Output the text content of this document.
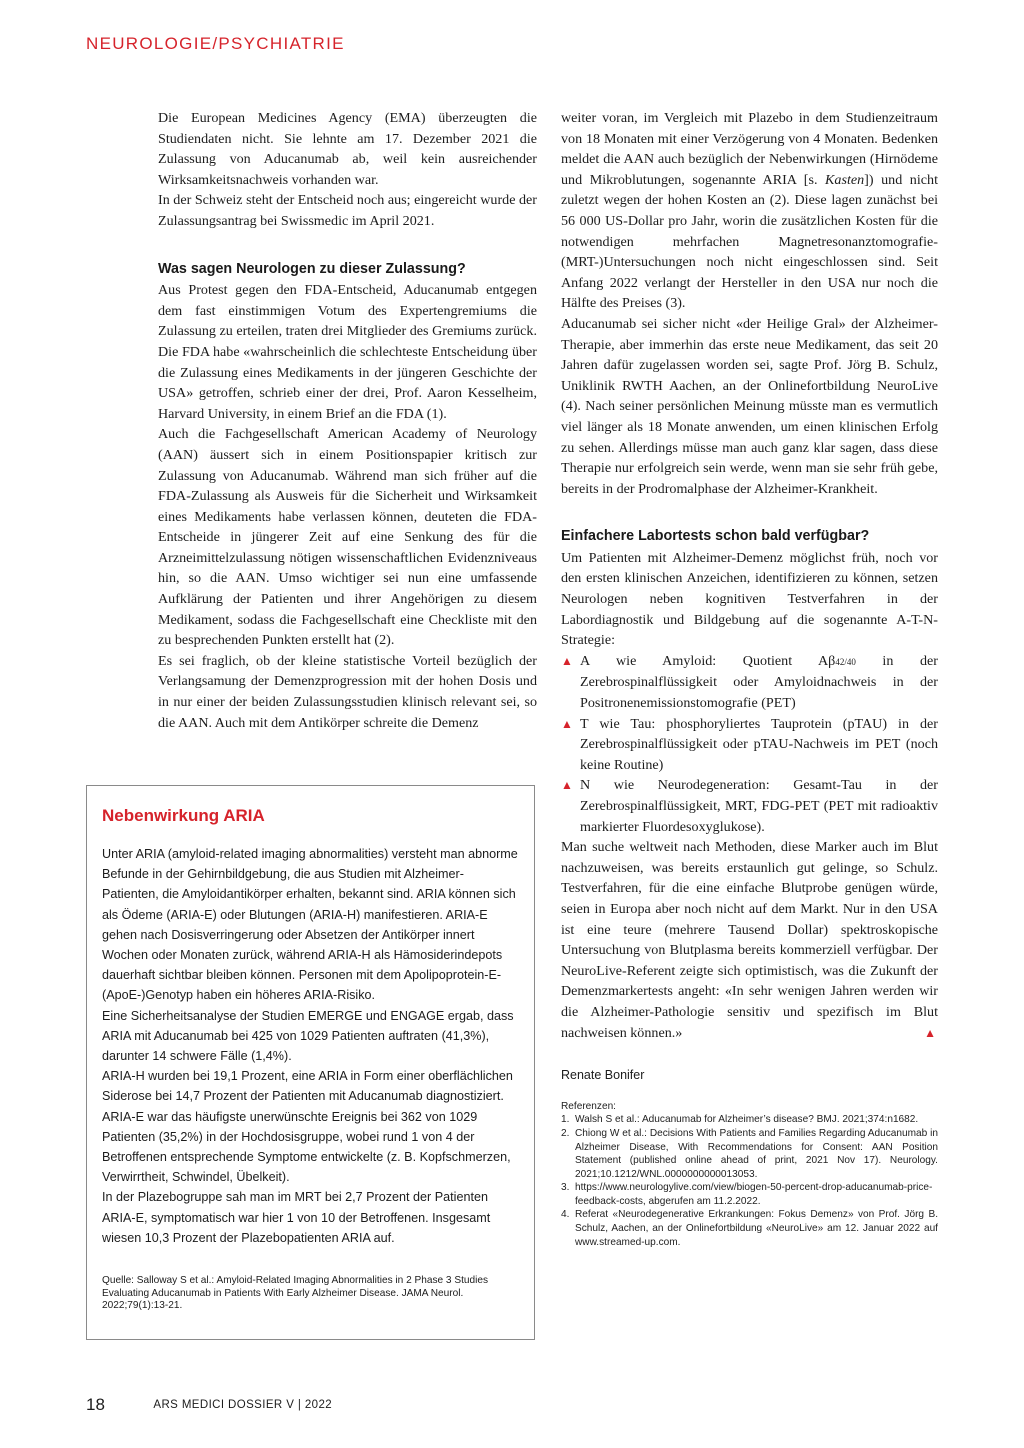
NEUROLOGIE/PSYCHIATRIE

Die European Medicines Agency (EMA) überzeugten die Studiendaten nicht. Sie lehnte am 17. Dezember 2021 die Zulassung von Aducanumab ab, weil kein ausreichender Wirksamkeitsnachweis vorhanden war.

In der Schweiz steht der Entscheid noch aus; eingereicht wurde der Zulassungsantrag bei Swissmedic im April 2021.

Was sagen Neurologen zu dieser Zulassung?

Aus Protest gegen den FDA-Entscheid, Aducanumab entgegen dem fast einstimmigen Votum des Expertengremiums die Zulassung zu erteilen, traten drei Mitglieder des Gremiums zurück. Die FDA habe «wahrscheinlich die schlechteste Entscheidung über die Zulassung eines Medikaments in der jüngeren Geschichte der USA» getroffen, schrieb einer der drei, Prof. Aaron Kesselheim, Harvard University, in einem Brief an die FDA (1).

Auch die Fachgesellschaft American Academy of Neurology (AAN) äussert sich in einem Positionspapier kritisch zur Zulassung von Aducanumab. Während man sich früher auf die FDA-Zulassung als Ausweis für die Sicherheit und Wirksamkeit eines Medikaments habe verlassen können, deuteten die FDA-Entscheide in jüngerer Zeit auf eine Senkung des für die Arzneimittelzulassung nötigen wissenschaftlichen Evidenzniveaus hin, so die AAN. Umso wichtiger sei nun eine umfassende Aufklärung der Patienten und ihrer Angehörigen zu diesem Medikament, sodass die Fachgesellschaft eine Checkliste mit den zu besprechenden Punkten erstellt hat (2).

Es sei fraglich, ob der kleine statistische Vorteil bezüglich der Verlangsamung der Demenzprogression mit der hohen Dosis und in nur einer der beiden Zulassungsstudien klinisch relevant sei, so die AAN. Auch mit dem Antikörper schreite die Demenz

Nebenwirkung ARIA

Unter ARIA (amyloid-related imaging abnormalities) versteht man abnorme Befunde in der Gehirnbildgebung, die aus Studien mit Alzheimer-Patienten, die Amyloidantikörper erhalten, bekannt sind. ARIA können sich als Ödeme (ARIA-E) oder Blutungen (ARIA-H) manifestieren. ARIA-E gehen nach Dosisverringerung oder Absetzen der Antikörper innert Wochen oder Monaten zurück, während ARIA-H als Hämosiderindepots dauerhaft sichtbar bleiben können. Personen mit dem Apolipoprotein-E-(ApoE-)Genotyp haben ein höheres ARIA-Risiko.

Eine Sicherheitsanalyse der Studien EMERGE und ENGAGE ergab, dass ARIA mit Aducanumab bei 425 von 1029 Patienten auftraten (41,3%), darunter 14 schwere Fälle (1,4%).

ARIA-H wurden bei 19,1 Prozent, eine ARIA in Form einer oberflächlichen Siderose bei 14,7 Prozent der Patienten mit Aducanumab diagnostiziert. ARIA-E war das häufigste unerwünschte Ereignis bei 362 von 1029 Patienten (35,2%) in der Hochdosisgruppe, wobei rund 1 von 4 der Betroffenen entsprechende Symptome entwickelte (z. B. Kopfschmerzen, Verwirrtheit, Schwindel, Übelkeit).

In der Plazebogruppe sah man im MRT bei 2,7 Prozent der Patienten ARIA-E, symptomatisch war hier 1 von 10 der Betroffenen. Insgesamt wiesen 10,3 Prozent der Plazebopatienten ARIA auf.

Quelle: Salloway S et al.: Amyloid-Related Imaging Abnormalities in 2 Phase 3 Studies Evaluating Aducanumab in Patients With Early Alzheimer Disease. JAMA Neurol. 2022;79(1):13-21.

weiter voran, im Vergleich mit Plazebo in dem Studienzeitraum von 18 Monaten mit einer Verzögerung von 4 Monaten. Bedenken meldet die AAN auch bezüglich der Nebenwirkungen (Hirnödeme und Mikroblutungen, sogenannte ARIA [s. Kasten]) und nicht zuletzt wegen der hohen Kosten an (2). Diese lagen zunächst bei 56 000 US-Dollar pro Jahr, worin die zusätzlichen Kosten für die notwendigen mehrfachen Magnetresonanztomografie-(MRT-)Untersuchungen noch nicht eingeschlossen sind. Seit Anfang 2022 verlangt der Hersteller in den USA nur noch die Hälfte des Preises (3).

Aducanumab sei sicher nicht «der Heilige Gral» der Alzheimer-Therapie, aber immerhin das erste neue Medikament, das seit 20 Jahren dafür zugelassen worden sei, sagte Prof. Jörg B. Schulz, Uniklinik RWTH Aachen, an der Onlinefortbildung NeuroLive (4). Nach seiner persönlichen Meinung müsste man es vermutlich viel länger als 18 Monate anwenden, um einen klinischen Erfolg zu sehen. Allerdings müsse man auch ganz klar sagen, dass diese Therapie nur erfolgreich sein werde, wenn man sie sehr früh gebe, bereits in der Prodromalphase der Alzheimer-Krankheit.

Einfachere Labortests schon bald verfügbar?

Um Patienten mit Alzheimer-Demenz möglichst früh, noch vor den ersten klinischen Anzeichen, identifizieren zu können, setzen Neurologen neben kognitiven Testverfahren in der Labordiagnostik und Bildgebung auf die sogenannte A-T-N-Strategie:

▲ A wie Amyloid: Quotient Aβ42/40 in der Zerebrospinalflüssigkeit oder Amyloidnachweis in der Positronenemissionstomografie (PET)
▲ T wie Tau: phosphoryliertes Tauprotein (pTAU) in der Zerebrospinalflüssigkeit oder pTAU-Nachweis im PET (noch keine Routine)
▲ N wie Neurodegeneration: Gesamt-Tau in der Zerebrospinalflüssigkeit, MRT, FDG-PET (PET mit radioaktiv markierter Fluordesoxyglukose).

Man suche weltweit nach Methoden, diese Marker auch im Blut nachzuweisen, was bereits erstaunlich gut gelinge, so Schulz. Testverfahren, für die eine einfache Blutprobe genügen würde, seien in Europa aber noch nicht auf dem Markt. Nur in den USA ist eine teure (mehrere Tausend Dollar) spektroskopische Untersuchung von Blutplasma bereits kommerziell verfügbar. Der NeuroLive-Referent zeigte sich optimistisch, was die Zukunft der Demenzmarkertests angeht: «In sehr wenigen Jahren werden wir die Alzheimer-Pathologie sensitiv und spezifisch im Blut nachweisen können.»	▲

Renate Bonifer
Referenzen:
1. Walsh S et al.: Aducanumab for Alzheimer’s disease? BMJ. 2021;374:n1682.
2. Chiong W et al.: Decisions With Patients and Families Regarding Aducanumab in Alzheimer Disease, With Recommendations for Consent: AAN Position Statement (published online ahead of print, 2021 Nov 17). Neurology. 2021;10.1212/WNL.0000000000013053.
3. https://www.neurologylive.com/view/biogen-50-percent-drop-aducanumab-price-feedback-costs, abgerufen am 11.2.2022.
4. Referat «Neurodegenerative Erkrankungen: Fokus Demenz» von Prof. Jörg B. Schulz, Aachen, an der Onlinefortbildung «NeuroLive» am 12. Januar 2022 auf www.streamed-up.com.
18	ARS MEDICI DOSSIER V | 2022
